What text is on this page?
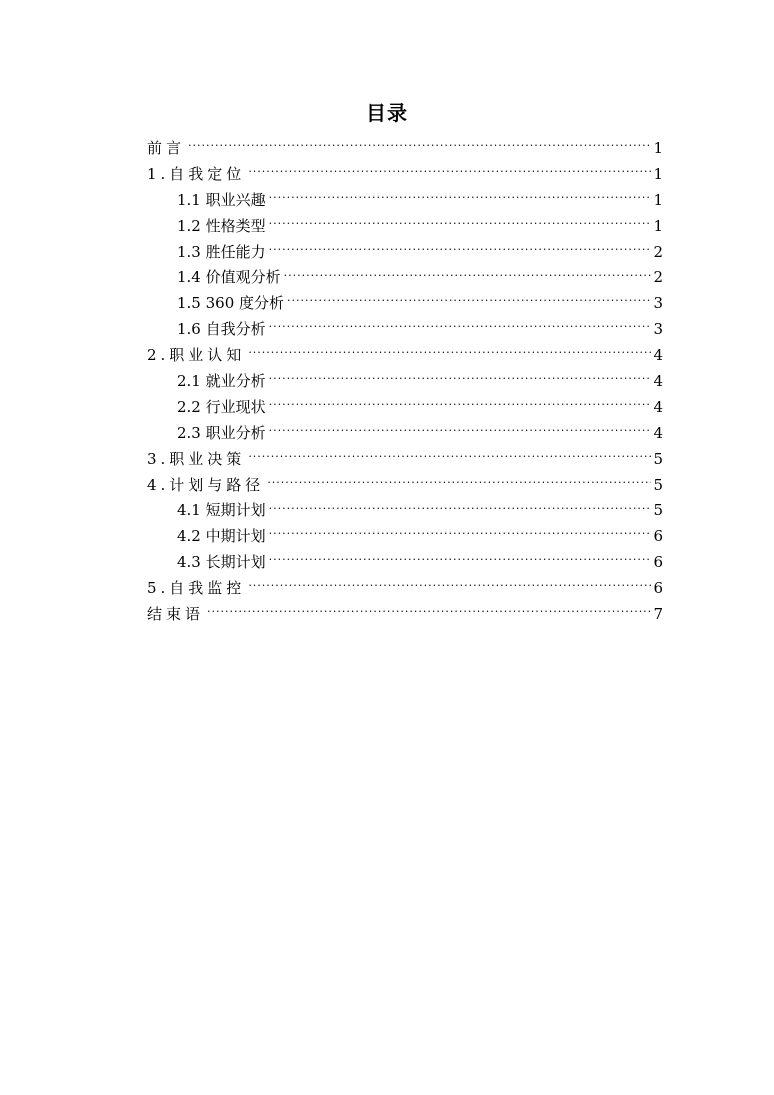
目录
前言 .....	1
1.自我定位 .....	1
1.1 职业兴趣 .....	1
1.2 性格类型 .....	1
1.3 胜任能力 .....	2
1.4 价值观分析 .....	2
1.5 360 度分析 .....	3
1.6 自我分析 .....	3
2.职业认知 .....	4
2.1 就业分析 .....	4
2.2 行业现状 .....	4
2.3 职业分析 .....	4
3.职业决策 .....	5
4.计划与路径 .....	5
4.1 短期计划 .....	5
4.2 中期计划 .....	6
4.3 长期计划 .....	6
5.自我监控 .....	6
结束语 .....	7
